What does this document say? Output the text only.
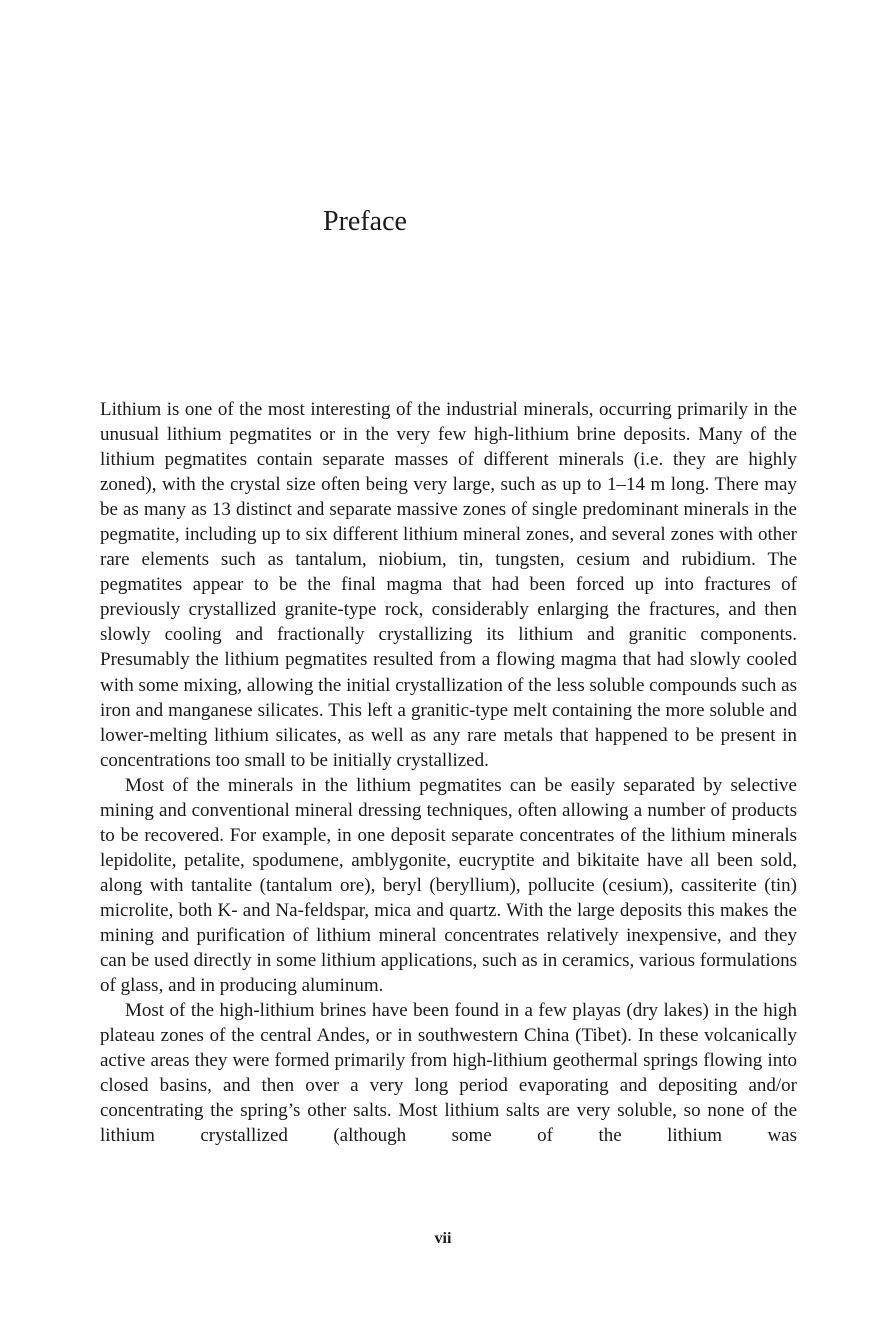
Preface

Lithium is one of the most interesting of the industrial minerals, occurring primarily in the unusual lithium pegmatites or in the very few high-lithium brine deposits. Many of the lithium pegmatites contain separate masses of different minerals (i.e. they are highly zoned), with the crystal size often being very large, such as up to 1–14 m long. There may be as many as 13 distinct and separate massive zones of single predominant minerals in the pegmatite, including up to six different lithium mineral zones, and several zones with other rare elements such as tantalum, niobium, tin, tungsten, cesium and rubidium. The pegmatites appear to be the final magma that had been forced up into fractures of previously crystallized granite-type rock, considerably enlarging the fractures, and then slowly cooling and fractionally crystallizing its lithium and granitic components. Presumably the lithium pegmatites resulted from a flowing magma that had slowly cooled with some mixing, allowing the initial crystallization of the less soluble compounds such as iron and manganese silicates. This left a granitic-type melt containing the more soluble and lower-melting lithium silicates, as well as any rare metals that happened to be present in concentrations too small to be initially crystallized.

Most of the minerals in the lithium pegmatites can be easily separated by selective mining and conventional mineral dressing techniques, often allowing a number of products to be recovered. For example, in one deposit separate concentrates of the lithium minerals lepidolite, petalite, spodumene, amblygonite, eucryptite and bikitaite have all been sold, along with tantalite (tantalum ore), beryl (beryllium), pollucite (cesium), cassiterite (tin) microlite, both K- and Na-feldspar, mica and quartz. With the large deposits this makes the mining and purification of lithium mineral concentrates relatively inexpensive, and they can be used directly in some lithium applications, such as in ceramics, various formulations of glass, and in producing aluminum.

Most of the high-lithium brines have been found in a few playas (dry lakes) in the high plateau zones of the central Andes, or in southwestern China (Tibet). In these volcanically active areas they were formed primarily from high-lithium geothermal springs flowing into closed basins, and then over a very long period evaporating and depositing and/or concentrating the spring’s other salts. Most lithium salts are very soluble, so none of the lithium crystallized (although some of the lithium was

vii
